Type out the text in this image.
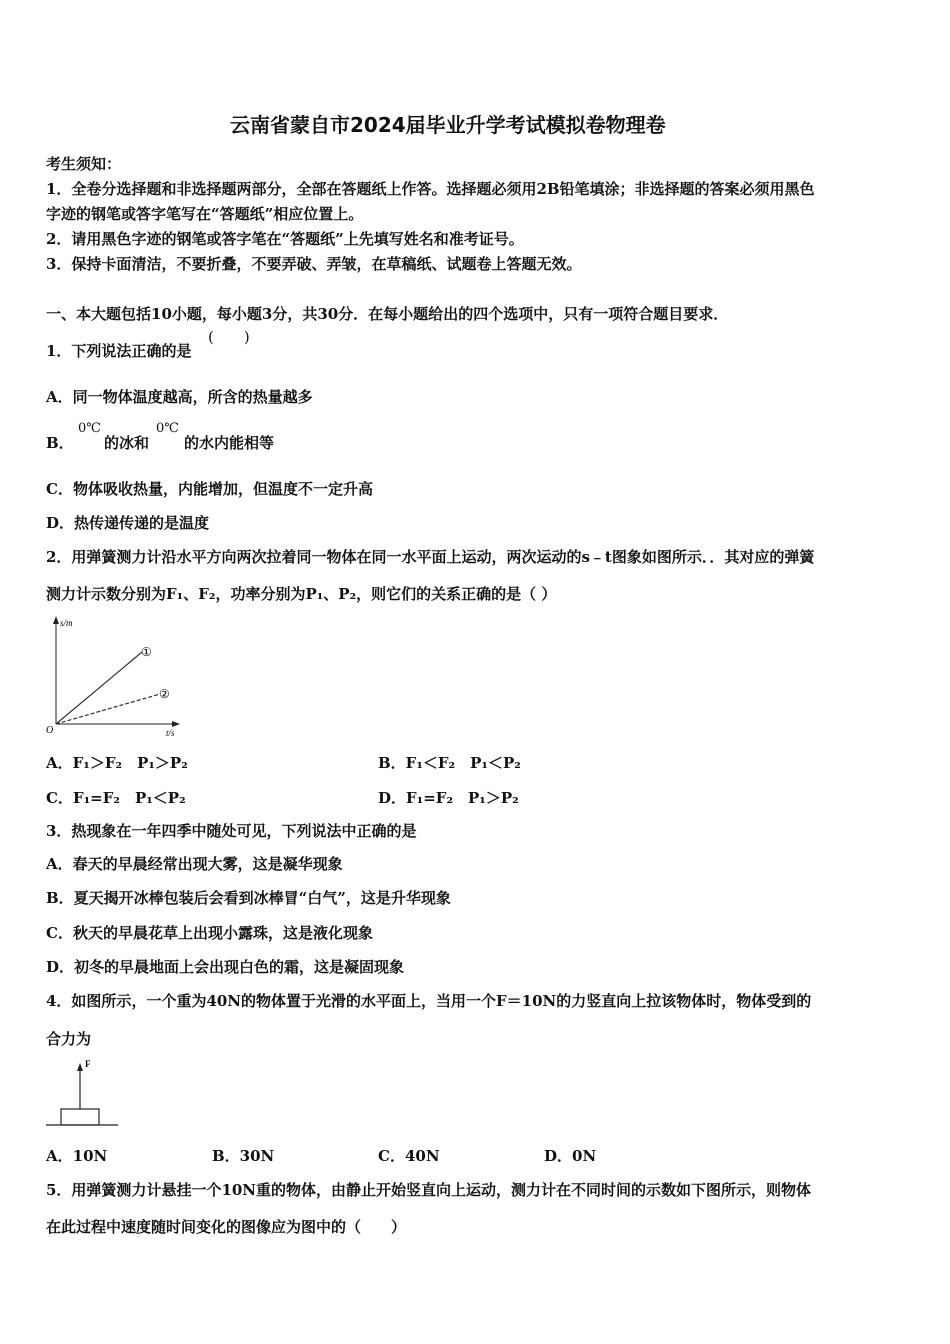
云南省蒙自市2024届毕业升学考试模拟卷物理卷
考生须知：
1．全卷分选择题和非选择题两部分，全部在答题纸上作答。选择题必须用2B铅笔填涂；非选择题的答案必须用黑色
字迹的钢笔或答字笔写在“答题纸”相应位置上。
2．请用黑色字迹的钢笔或答字笔在“答题纸”上先填写姓名和准考证号。
3．保持卡面清洁，不要折叠，不要弄破、弄皱，在草稿纸、试题卷上答题无效。
一、本大题包括10小题，每小题3分，共30分．在每小题给出的四个选项中，只有一项符合题目要求．
1．下列说法正确的是
(　　)
A．同一物体温度越高，所含的热量越多
B．
0℃
的冰和
0℃
的水内能相等
C．物体吸收热量，内能增加，但温度不一定升高
D．热传递传递的是温度
2．用弹簧测力计沿水平方向两次拉着同一物体在同一水平面上运动，两次运动的s﹣t图象如图所示．．其对应的弹簧
测力计示数分别为F₁、F₂，功率分别为P₁、P₂，则它们的关系正确的是（ ）
s/m
t/s
O
①
②
A．F₁＞F₂　P₁＞P₂	B．F₁＜F₂　P₁＜P₂
C．F₁=F₂　P₁＜P₂	D．F₁=F₂　P₁＞P₂
3．热现象在一年四季中随处可见，下列说法中正确的是
A．春天的早晨经常出现大雾，这是凝华现象
B．夏天揭开冰棒包装后会看到冰棒冒“白气”，这是升华现象
C．秋天的早晨花草上出现小露珠，这是液化现象
D．初冬的早晨地面上会出现白色的霜，这是凝固现象
4．如图所示，一个重为40N的物体置于光滑的水平面上，当用一个F＝10N的力竖直向上拉该物体时，物体受到的
合力为
F
A．10N	B．30N	C．40N	D．0N
5．用弹簧测力计悬挂一个10N重的物体，由静止开始竖直向上运动，测力计在不同时间的示数如下图所示，则物体
在此过程中速度随时间变化的图像应为图中的（　　）
